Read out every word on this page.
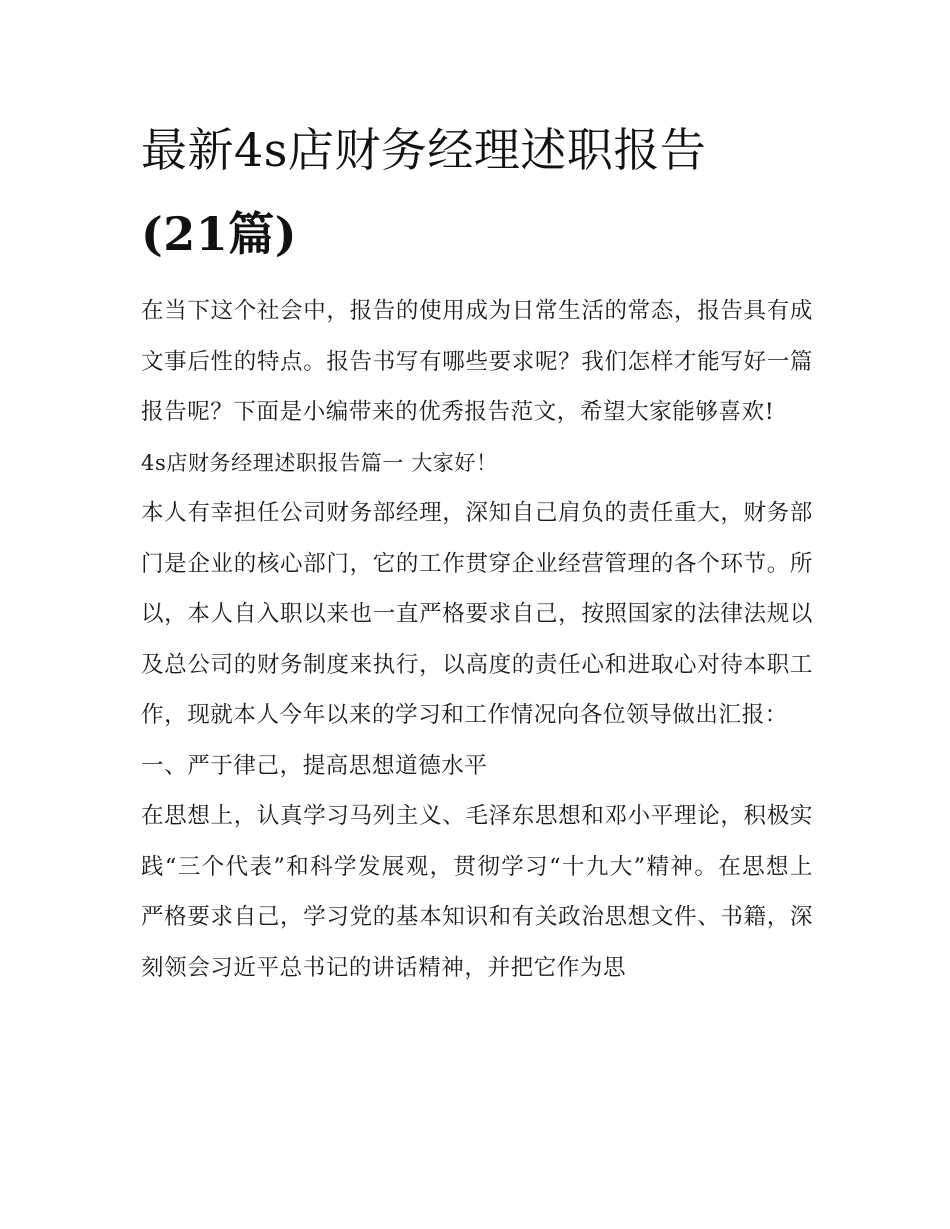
最新4s店财务经理述职报告
(21篇)

在当下这个社会中，报告的使用成为日常生活的常态，报告具有成文事后性的特点。报告书写有哪些要求呢？我们怎样才能写好一篇报告呢？下面是小编带来的优秀报告范文，希望大家能够喜欢!

4s店财务经理述职报告篇一 大家好！

本人有幸担任公司财务部经理，深知自己肩负的责任重大，财务部门是企业的核心部门，它的工作贯穿企业经营管理的各个环节。所以，本人自入职以来也一直严格要求自己，按照国家的法律法规以及总公司的财务制度来执行，以高度的责任心和进取心对待本职工作，现就本人今年以来的学习和工作情况向各位领导做出汇报：

一、严于律己，提高思想道德水平

在思想上，认真学习马列主义、毛泽东思想和邓小平理论，积极实践“三个代表”和科学发展观，贯彻学习“十九大”精神。在思想上严格要求自己，学习党的基本知识和有关政治思想文件、书籍，深刻领会习近平总书记的讲话精神，并把它作为思
